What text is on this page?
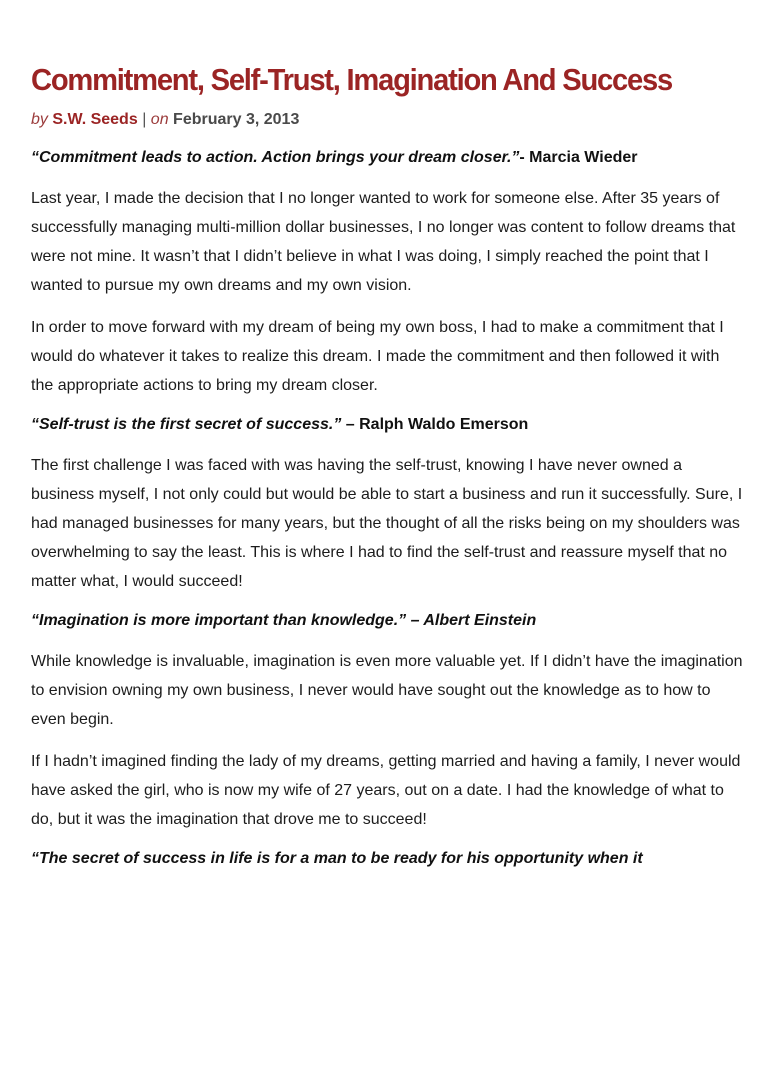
Commitment, Self-Trust, Imagination And Success

by S.W. Seeds | on February 3, 2013

“Commitment leads to action. Action brings your dream closer.”- Marcia Wieder

Last year, I made the decision that I no longer wanted to work for someone else. After 35 years of successfully managing multi-million dollar businesses, I no longer was content to follow dreams that were not mine. It wasn’t that I didn’t believe in what I was doing, I simply reached the point that I wanted to pursue my own dreams and my own vision.

In order to move forward with my dream of being my own boss, I had to make a commitment that I would do whatever it takes to realize this dream. I made the commitment and then followed it with the appropriate actions to bring my dream closer.

“Self-trust is the first secret of success.” – Ralph Waldo Emerson

The first challenge I was faced with was having the self-trust, knowing I have never owned a business myself, I not only could but would be able to start a business and run it successfully. Sure, I had managed businesses for many years, but the thought of all the risks being on my shoulders was overwhelming to say the least. This is where I had to find the self-trust and reassure myself that no matter what, I would succeed!

“Imagination is more important than knowledge.” – Albert Einstein

While knowledge is invaluable, imagination is even more valuable yet. If I didn’t have the imagination to envision owning my own business, I never would have sought out the knowledge as to how to even begin.

If I hadn’t imagined finding the lady of my dreams, getting married and having a family, I never would have asked the girl, who is now my wife of 27 years, out on a date. I had the knowledge of what to do, but it was the imagination that drove me to succeed!

“The secret of success in life is for a man to be ready for his opportunity when it
